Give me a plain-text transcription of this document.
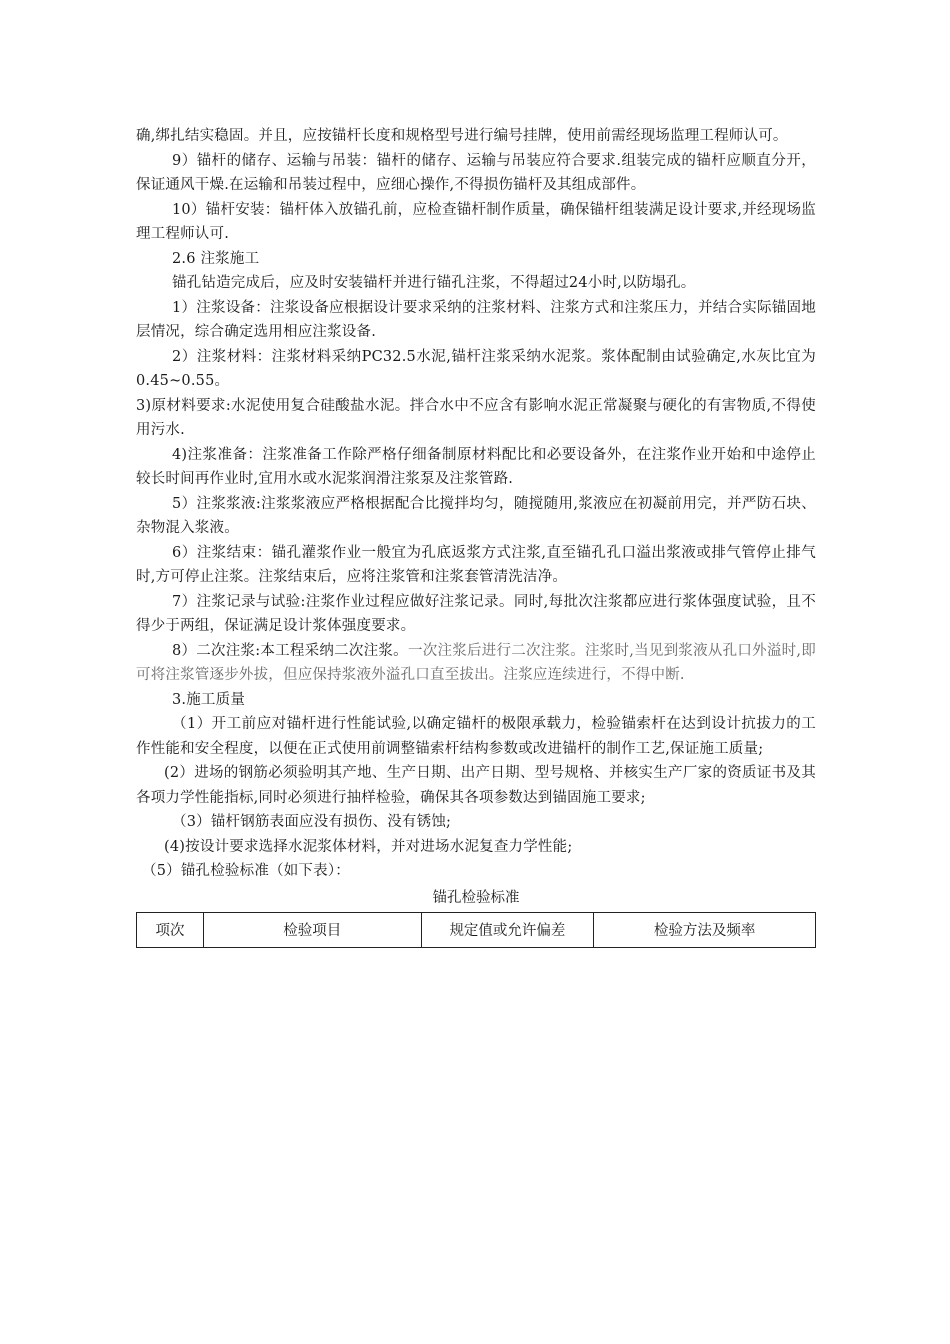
确,绑扎结实稳固。并且，应按锚杆长度和规格型号进行编号挂牌，使用前需经现场监理工程师认可。

9）锚杆的储存、运输与吊装：锚杆的储存、运输与吊装应符合要求.组装完成的锚杆应顺直分开，保证通风干燥.在运输和吊装过程中，应细心操作,不得损伤锚杆及其组成部件。

10）锚杆安装：锚杆体入放锚孔前，应检查锚杆制作质量，确保锚杆组装满足设计要求,并经现场监理工程师认可.

2.6 注浆施工

锚孔钻造完成后，应及时安装锚杆并进行锚孔注浆，不得超过24小时,以防塌孔。

1）注浆设备：注浆设备应根据设计要求采纳的注浆材料、注浆方式和注浆压力，并结合实际锚固地层情况，综合确定选用相应注浆设备.

2）注浆材料：注浆材料采纳PC32.5水泥,锚杆注浆采纳水泥浆。浆体配制由试验确定,水灰比宜为0.45~0.55。

3)原材料要求:水泥使用复合硅酸盐水泥。拌合水中不应含有影响水泥正常凝聚与硬化的有害物质,不得使用污水.

4)注浆准备：注浆准备工作除严格仔细备制原材料配比和必要设备外，在注浆作业开始和中途停止较长时间再作业时,宜用水或水泥浆润滑注浆泵及注浆管路.

5）注浆浆液:注浆浆液应严格根据配合比搅拌均匀，随搅随用,浆液应在初凝前用完，并严防石块、杂物混入浆液。

6）注浆结束：锚孔灌浆作业一般宜为孔底返浆方式注浆,直至锚孔孔口溢出浆液或排气管停止排气时,方可停止注浆。注浆结束后，应将注浆管和注浆套管清洗洁净。

7）注浆记录与试验:注浆作业过程应做好注浆记录。同时,每批次注浆都应进行浆体强度试验，且不得少于两组，保证满足设计浆体强度要求。

8）二次注浆:本工程采纳二次注浆。一次注浆后进行二次注浆。注浆时,当见到浆液从孔口外溢时,即可将注浆管逐步外拔，但应保持浆液外溢孔口直至拔出。注浆应连续进行，不得中断.

3.施工质量

（1）开工前应对锚杆进行性能试验,以确定锚杆的极限承载力，检验锚索杆在达到设计抗拔力的工作性能和安全程度，以便在正式使用前调整锚索杆结构参数或改进锚杆的制作工艺,保证施工质量;

(2）进场的钢筋必须验明其产地、生产日期、出产日期、型号规格、并核实生产厂家的资质证书及其各项力学性能指标,同时必须进行抽样检验，确保其各项参数达到锚固施工要求;

（3）锚杆钢筋表面应没有损伤、没有锈蚀;

(4)按设计要求选择水泥浆体材料，并对进场水泥复查力学性能;

（5）锚孔检验标准（如下表）：

锚孔检验标准
项次	检验项目	规定值或允许偏差	检验方法及频率
